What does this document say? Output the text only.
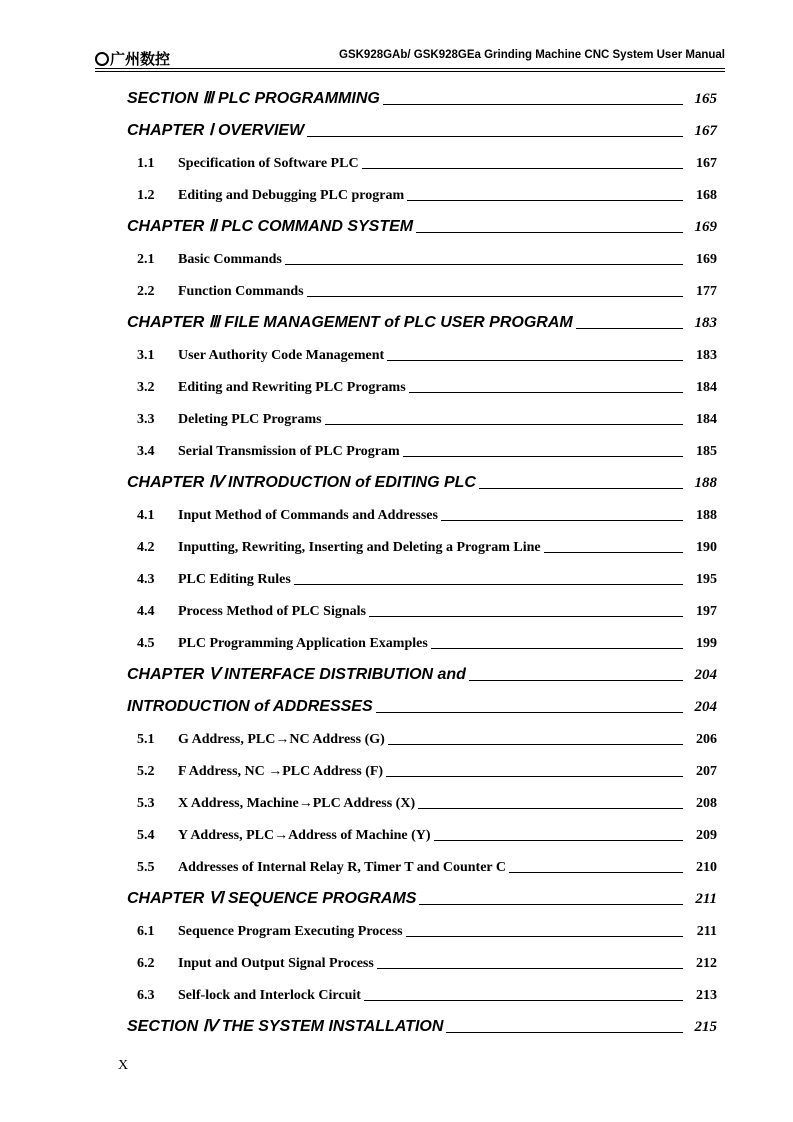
广州数控	GSK928GAb/ GSK928GEa Grinding Machine CNC System User Manual
SECTION Ⅲ PLC PROGRAMMING	165
CHAPTER Ⅰ OVERVIEW	167
1.1	Specification of Software PLC	167
1.2	Editing and Debugging PLC program	168
CHAPTER Ⅱ PLC COMMAND SYSTEM	169
2.1	Basic Commands	169
2.2	Function Commands	177
CHAPTER Ⅲ FILE MANAGEMENT of PLC USER PROGRAM	183
3.1	User Authority Code Management	183
3.2	Editing and Rewriting PLC Programs	184
3.3	Deleting PLC Programs	184
3.4	Serial Transmission of PLC Program	185
CHAPTER Ⅳ INTRODUCTION of EDITING PLC	188
4.1	Input Method of Commands and Addresses	188
4.2	Inputting, Rewriting, Inserting and Deleting a Program Line	190
4.3	PLC Editing Rules	195
4.4	Process Method of PLC Signals	197
4.5	PLC Programming Application Examples	199
CHAPTER Ⅴ INTERFACE DISTRIBUTION and	204
INTRODUCTION of ADDRESSES	204
5.1	G Address, PLC→NC Address (G)	206
5.2	F Address, NC →PLC Address (F)	207
5.3	X Address, Machine→PLC Address (X)	208
5.4	Y Address, PLC→Address of Machine (Y)	209
5.5	Addresses of Internal Relay R, Timer T and Counter C	210
CHAPTER Ⅵ SEQUENCE PROGRAMS	211
6.1	Sequence Program Executing Process	211
6.2	Input and Output Signal Process	212
6.3	Self-lock and Interlock Circuit	213
SECTION Ⅳ THE SYSTEM INSTALLATION	215
X
